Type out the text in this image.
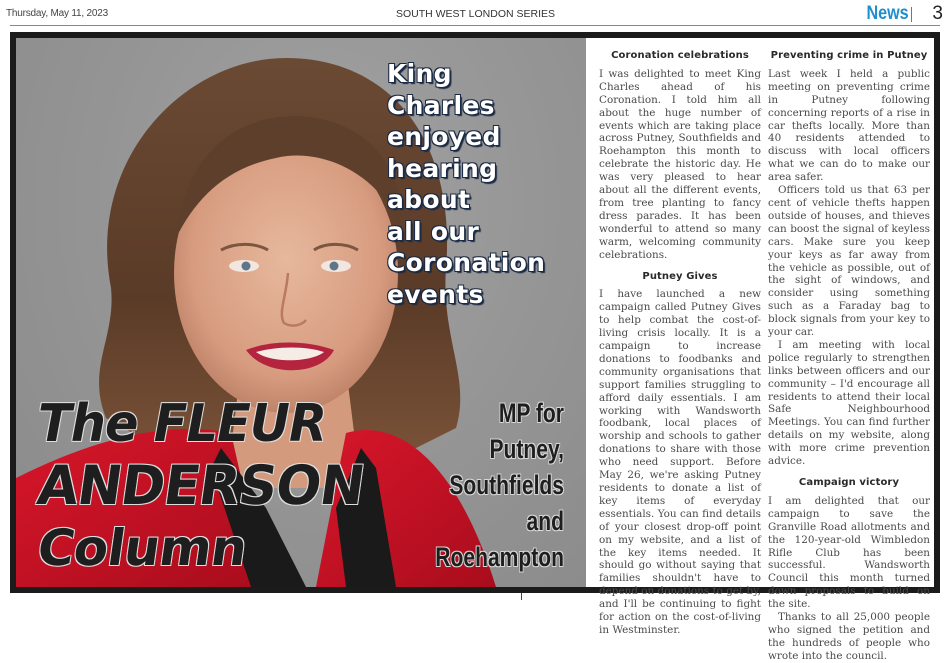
Thursday, May 11, 2023	SOUTH WEST LONDON SERIES	News 3
King
Charles
enjoyed
hearing
about
all our
Coronation
events
The FLEUR
ANDERSON
Column
MP for
Putney,
Southfields
and
Roehampton
Coronation celebrations

I was delighted to meet King Charles ahead of his Coronation. I told him all about the huge number of events which are taking place across Putney, Southfields and Roehampton this month to celebrate the historic day. He was very pleased to hear about all the different events, from tree planting to fancy dress parades. It has been wonderful to attend so many warm, welcoming community celebrations.

Putney Gives

I have launched a new campaign called Putney Gives to help combat the cost-of-living crisis locally. It is a campaign to increase donations to foodbanks and community organisations that support families struggling to afford daily essentials. I am working with Wandsworth foodbank, local places of worship and schools to gather donations to share with those who need support. Before May 26, we're asking Putney residents to donate a list of key items of everyday essentials. You can find details of your closest drop-off point on my website, and a list of the key items needed. It should go without saying that families shouldn't have to depend on donations to get by, and I'll be continuing to fight for action on the cost-of-living in Westminster.

Preventing crime in Putney

Last week I held a public meeting on preventing crime in Putney following concerning reports of a rise in car thefts locally. More than 40 residents attended to discuss with local officers what we can do to make our area safer.

Officers told us that 63 per cent of vehicle thefts happen outside of houses, and thieves can boost the signal of keyless cars. Make sure you keep your keys as far away from the vehicle as possible, out of the sight of windows, and consider using something such as a Faraday bag to block signals from your key to your car.

I am meeting with local police regularly to strengthen links between officers and our community – I'd encourage all residents to attend their local Safe Neighbourhood Meetings. You can find further details on my website, along with more crime prevention advice.

Campaign victory

I am delighted that our campaign to save the Granville Road allotments and the 120-year-old Wimbledon Rifle Club has been successful. Wandsworth Council this month turned down proposals to build on the site.

Thanks to all 25,000 people who signed the petition and the hundreds of people who wrote into the council.
